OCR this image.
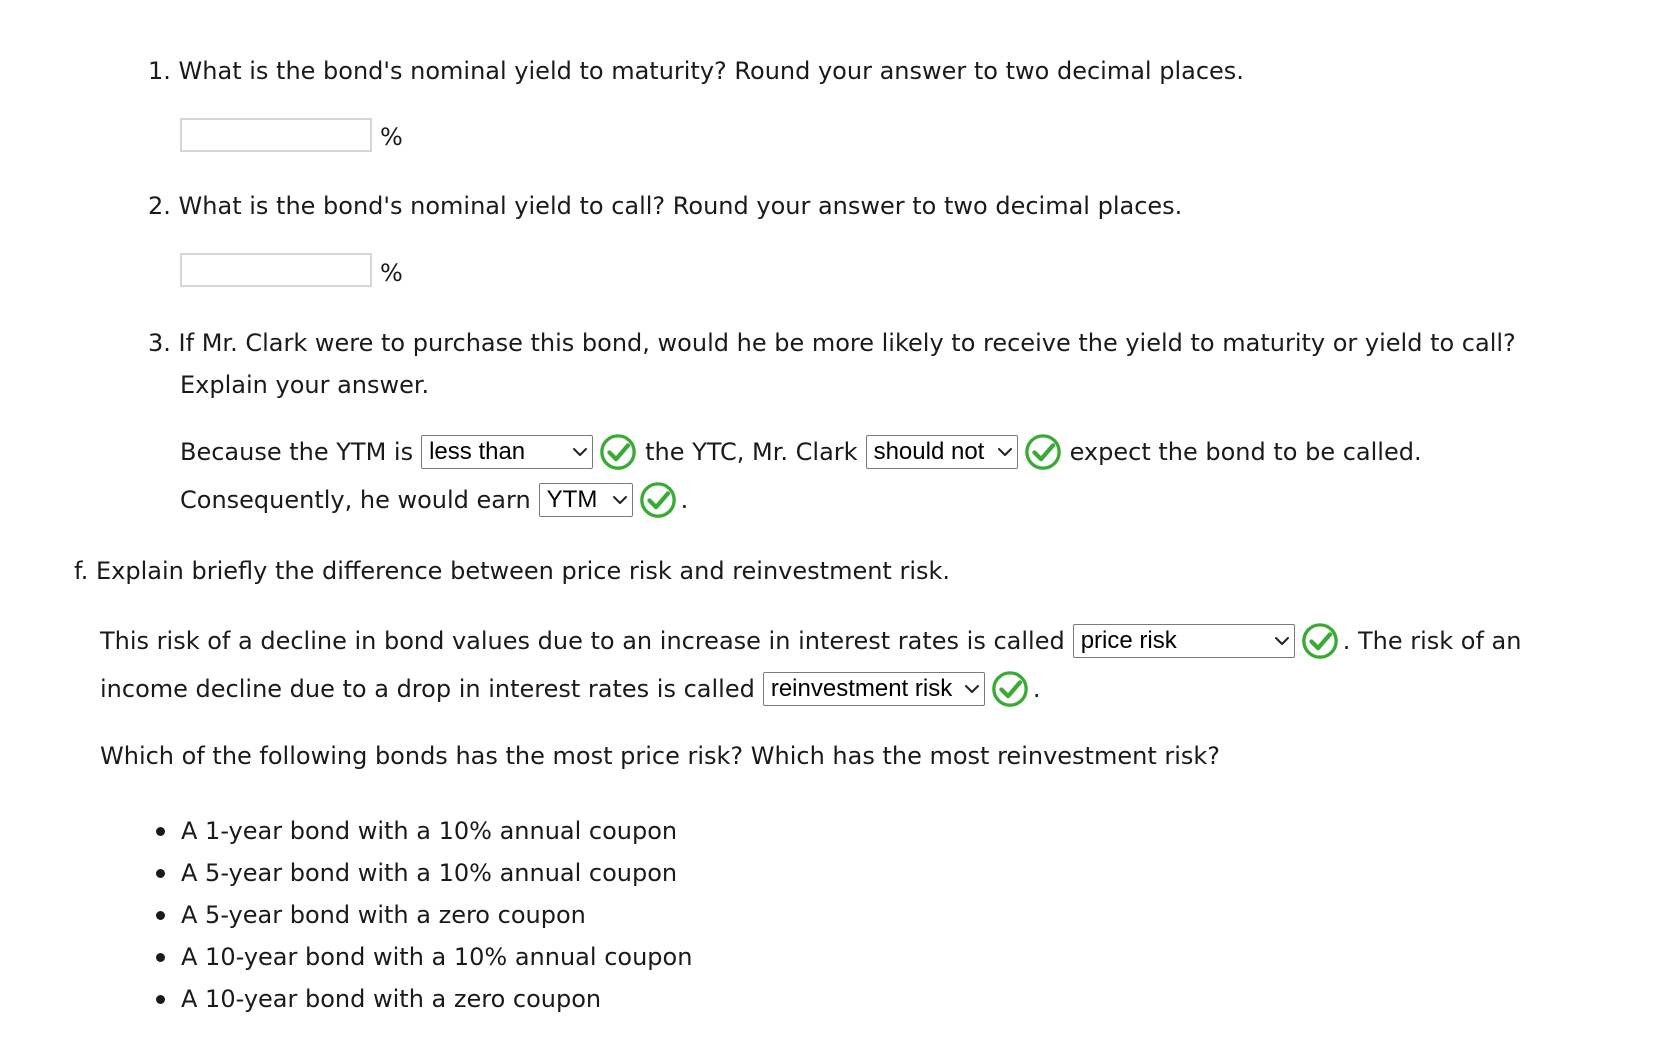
1. What is the bond's nominal yield to maturity? Round your answer to two decimal places.
%
2. What is the bond's nominal yield to call? Round your answer to two decimal places.
%
3. If Mr. Clark were to purchase this bond, would he be more likely to receive the yield to maturity or yield to call?
Explain your answer.
Because the YTM is less than	the YTC, Mr. Clark should not	expect the bond to be called.
Consequently, he would earn YTM	.
f. Explain briefly the difference between price risk and reinvestment risk.
This risk of a decline in bond values due to an increase in interest rates is called price risk	. The risk of an
income decline due to a drop in interest rates is called reinvestment risk	.
Which of the following bonds has the most price risk? Which has the most reinvestment risk?
A 1-year bond with a 10% annual coupon
A 5-year bond with a 10% annual coupon
A 5-year bond with a zero coupon
A 10-year bond with a 10% annual coupon
A 10-year bond with a zero coupon
